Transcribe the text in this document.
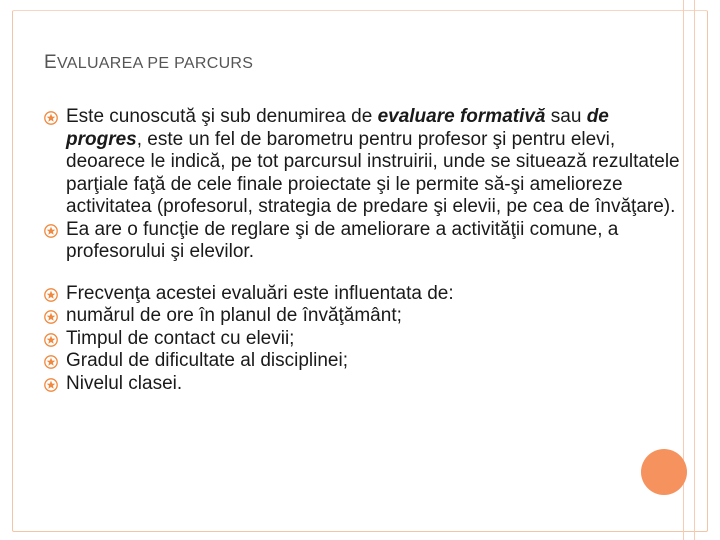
EVALUAREA PE PARCURS
Este cunoscută şi sub denumirea de evaluare formativă sau de progres, este un fel de barometru pentru profesor şi pentru elevi, deoarece le indică, pe tot parcursul instruirii, unde se situează rezultatele parţiale faţă de cele finale proiectate şi le permite să-şi amelioreze activitatea (profesorul, strategia de predare şi elevii, pe cea de învăţare).
Ea are o funcţie de reglare şi de ameliorare a activităţii comune, a profesorului şi elevilor.
Frecvenţa acestei evaluări este influentata de:
numărul de ore în planul de învăţământ;
Timpul de contact cu elevii;
Gradul de dificultate al disciplinei;
Nivelul clasei.
